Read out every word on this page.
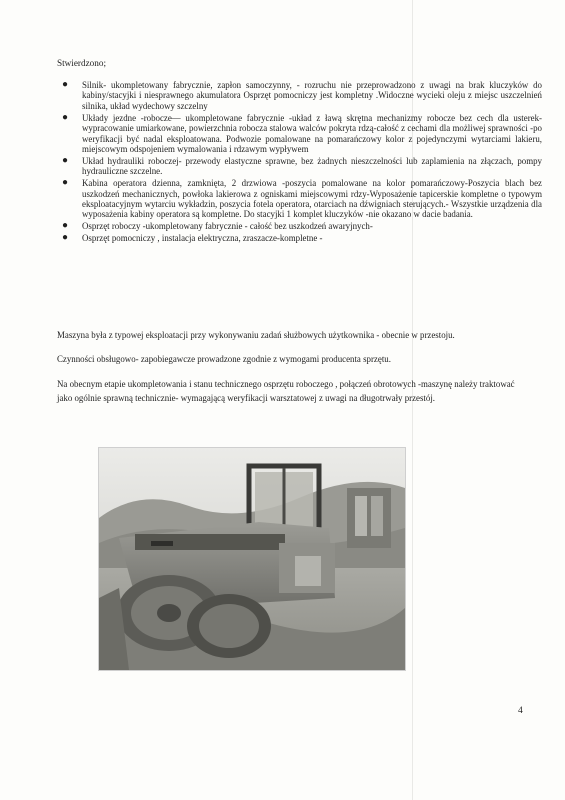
Stwierdzono;
● Silnik- ukompletowany fabrycznie, zapłon samoczynny, - rozruchu nie przeprowadzono z uwagi na brak kluczyków do kabiny/stacyjki i niesprawnego akumulatora Osprzęt pomocniczy jest kompletny .Widoczne wycieki oleju z miejsc uszczelnień silnika, układ wydechowy szczelny
● Układy jezdne -robocze— ukompletowane fabrycznie -układ z ławą skrętna mechanizmy robocze bez cech dla usterek-wypracowanie umiarkowane, powierzchnia robocza stalowa walców pokryta rdzą-całość z cechami dla możliwej sprawności -po weryfikacji być nadal eksploatowana. Podwozie pomalowane na pomarańczowy kolor z pojedynczymi wytarciami lakieru, miejscowym odspojeniem wymalowania i rdzawym wypływem
● Układ hydrauliki roboczej- przewody elastyczne sprawne, bez żadnych nieszczelności lub zaplamienia na złączach, pompy hydrauliczne szczelne.
● Kabina operatora dzienna, zamknięta, 2 drzwiowa -poszycia pomalowane na kolor pomarańczowy-Poszycia blach bez uszkodzeń mechanicznych, powłoka lakierowa z ogniskami miejscowymi rdzy-Wyposażenie tapicerskie kompletne o typowym eksploatacyjnym wytarciu wykładzin, poszycia fotela operatora, otarciach na dźwigniach sterujących.- Wszystkie urządzenia dla wyposażenia kabiny operatora są kompletne. Do stacyjki 1 komplet kluczyków -nie okazano w dacie badania.
● Osprzęt roboczy -ukompletowany fabrycznie - całość bez uszkodzeń awaryjnych-
● Osprzęt pomocniczy , instalacja elektryczna, zraszacze-kompletne -

Maszyna była z typowej eksploatacji przy wykonywaniu zadań służbowych użytkownika - obecnie w przestoju.

Czynności obsługowo- zapobiegawcze prowadzone zgodnie z wymogami producenta sprzętu.

Na obecnym etapie ukompletowania i stanu technicznego osprzętu roboczego , połączeń obrotowych -maszynę należy traktować jako ogólnie sprawną technicznie- wymagającą weryfikacji warsztatowej z uwagi na długotrwały przestój.

4
